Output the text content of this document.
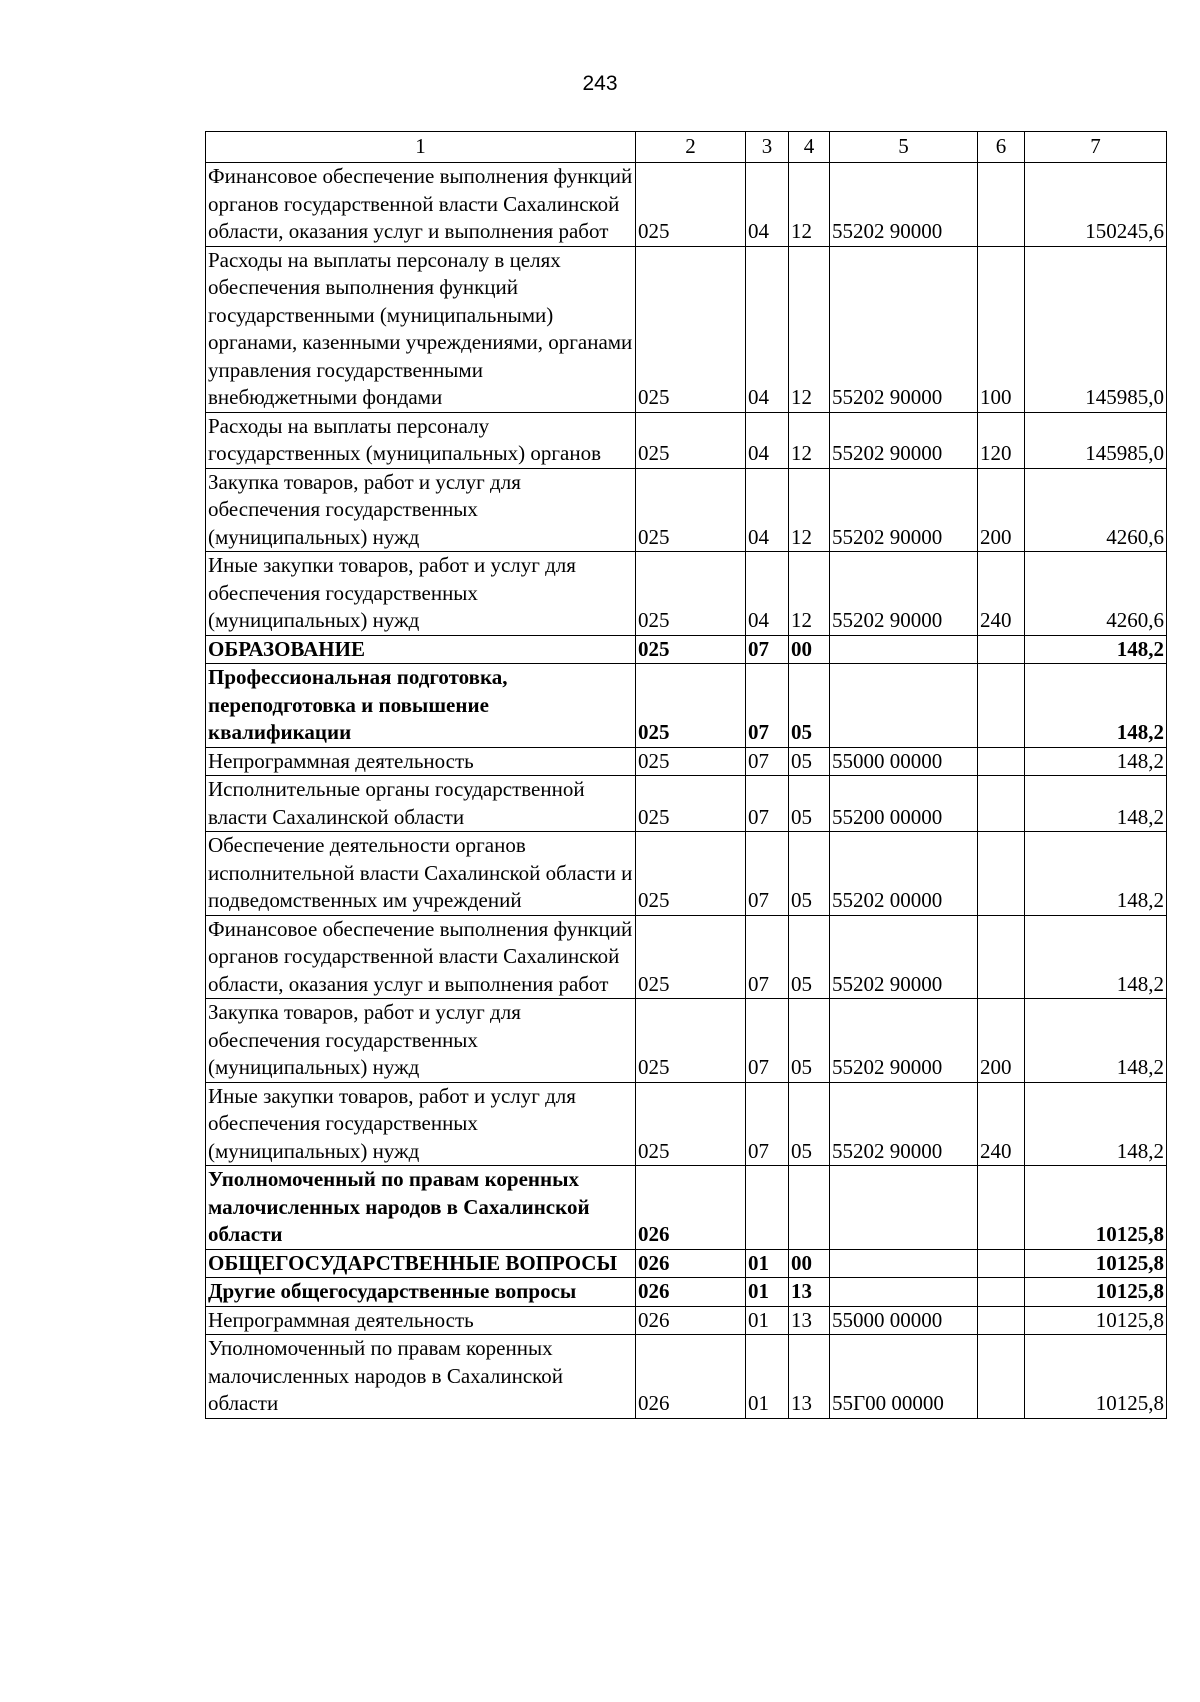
243
1	2	3	4	5	6	7
Финансовое обеспечение выполнения функций органов государственной власти Сахалинской области, оказания услуг и выполнения работ	025	04	12	55202 90000		150245,6
Расходы на выплаты персоналу в целях обеспечения выполнения функций государственными (муниципальными) органами, казенными учреждениями, органами управления государственными внебюджетными фондами	025	04	12	55202 90000	100	145985,0
Расходы на выплаты персоналу государственных (муниципальных) органов	025	04	12	55202 90000	120	145985,0
Закупка товаров, работ и услуг для обеспечения государственных (муниципальных) нужд	025	04	12	55202 90000	200	4260,6
Иные закупки товаров, работ и услуг для обеспечения государственных (муниципальных) нужд	025	04	12	55202 90000	240	4260,6
ОБРАЗОВАНИЕ	025	07	00			148,2
Профессиональная подготовка, переподготовка и повышение квалификации	025	07	05			148,2
Непрограммная деятельность	025	07	05	55000 00000		148,2
Исполнительные органы государственной власти Сахалинской области	025	07	05	55200 00000		148,2
Обеспечение деятельности органов исполнительной власти Сахалинской области и подведомственных им учреждений	025	07	05	55202 00000		148,2
Финансовое обеспечение выполнения функций органов государственной власти Сахалинской области, оказания услуг и выполнения работ	025	07	05	55202 90000		148,2
Закупка товаров, работ и услуг для обеспечения государственных (муниципальных) нужд	025	07	05	55202 90000	200	148,2
Иные закупки товаров, работ и услуг для обеспечения государственных (муниципальных) нужд	025	07	05	55202 90000	240	148,2
Уполномоченный по правам коренных малочисленных народов в Сахалинской области	026					10125,8
ОБЩЕГОСУДАРСТВЕННЫЕ ВОПРОСЫ	026	01	00			10125,8
Другие общегосударственные вопросы	026	01	13			10125,8
Непрограммная деятельность	026	01	13	55000 00000		10125,8
Уполномоченный по правам коренных малочисленных народов в Сахалинской области	026	01	13	55Г00 00000		10125,8
